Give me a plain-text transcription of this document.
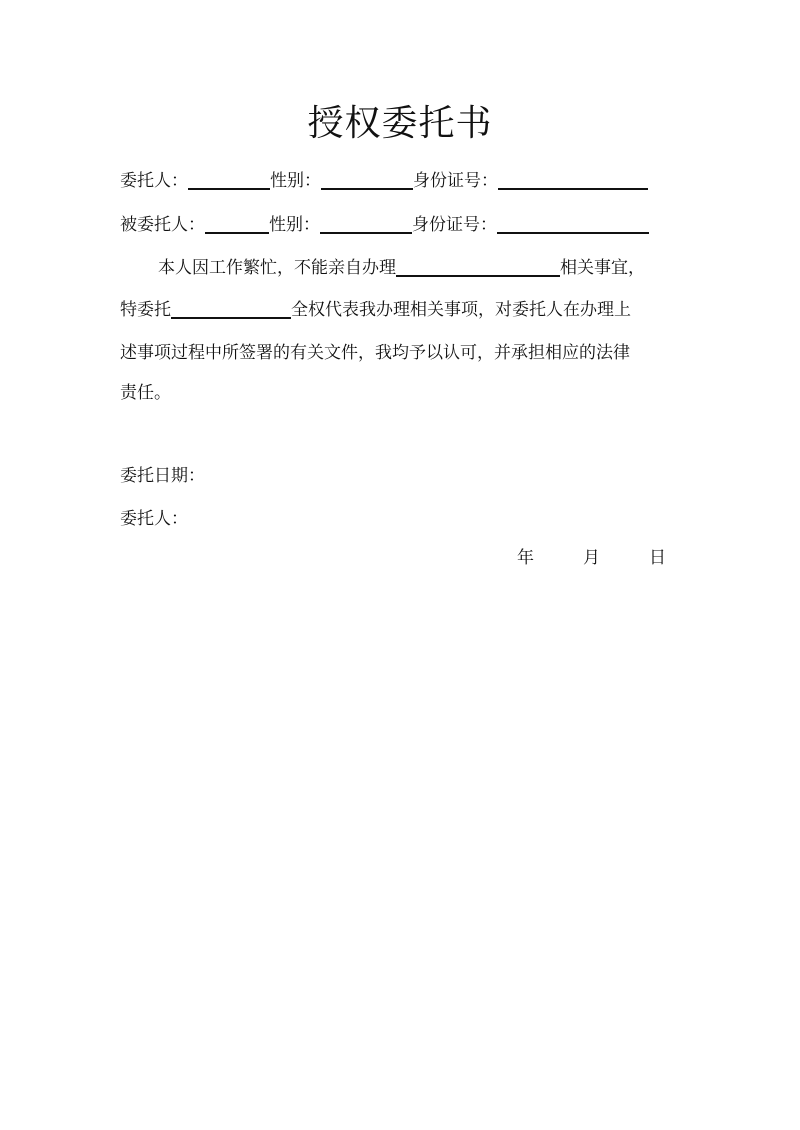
授权委托书
委托人：	性别：	身份证号：
被委托人：	性别：	身份证号：
本人因工作繁忙，不能亲自办理	相关事宜，
特委托	全权代表我办理相关事项，对委托人在办理上
述事项过程中所签署的有关文件，我均予以认可，并承担相应的法律
责任。
委托日期：
委托人：
年	月	日
